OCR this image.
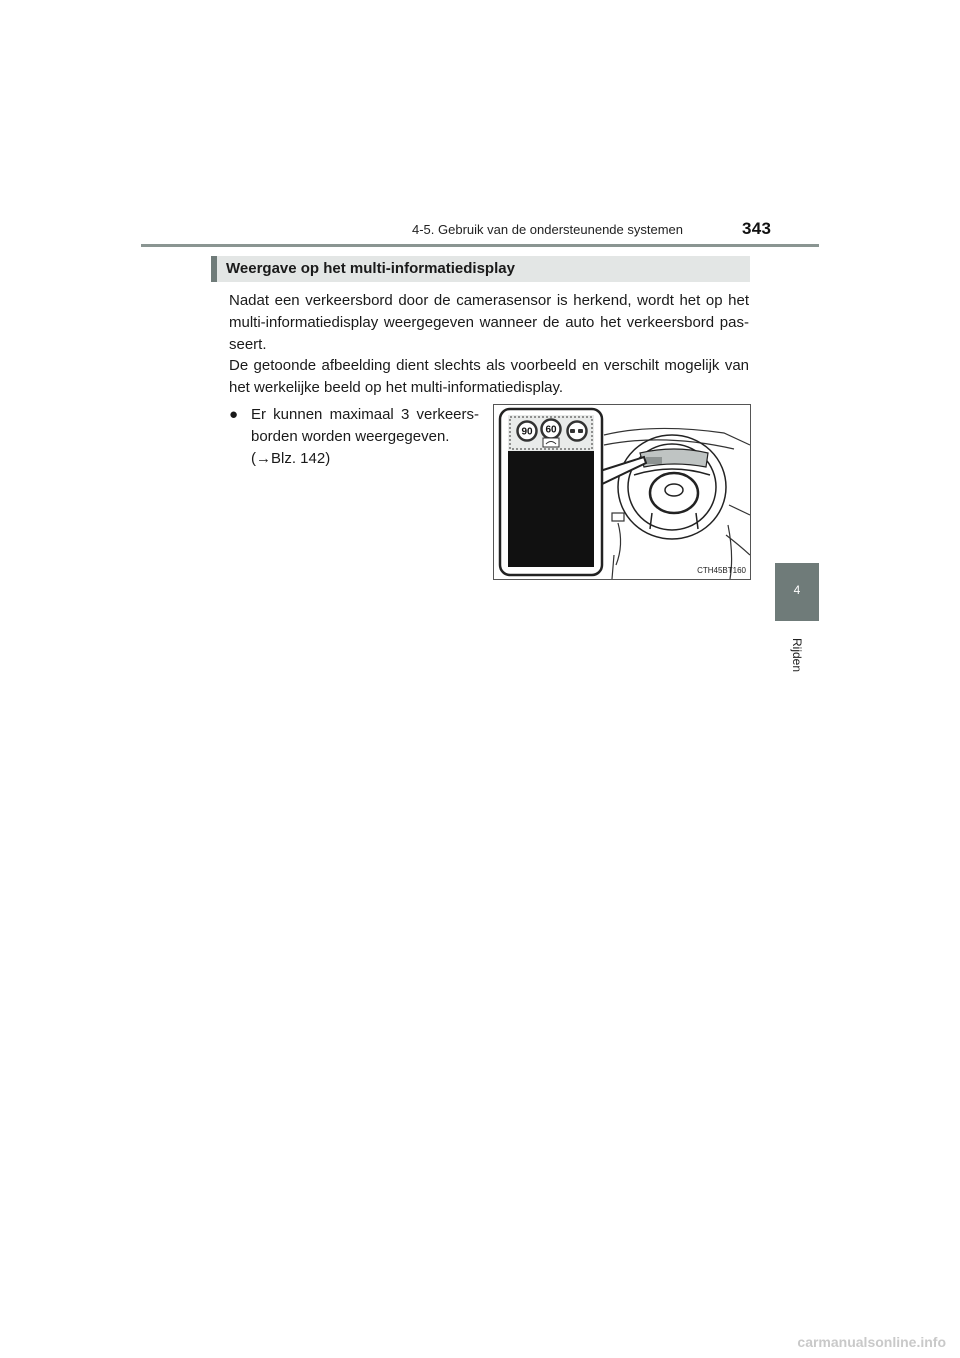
4-5. Gebruik van de ondersteunende systemen	343
4
Rijden
Weergave op het multi-informatiedisplay

Nadat een verkeersbord door de camerasensor is herkend, wordt het op het multi-informatiedisplay weergegeven wanneer de auto het verkeersbord pas-seert.

De getoonde afbeelding dient slechts als voorbeeld en verschilt mogelijk van het werkelijke beeld op het multi-informatiedisplay.

● Er kunnen maximaal 3 verkeers-borden worden weergegeven.
(→Blz. 142)
90 60
CTH45BT160
carmanualsonline.info
